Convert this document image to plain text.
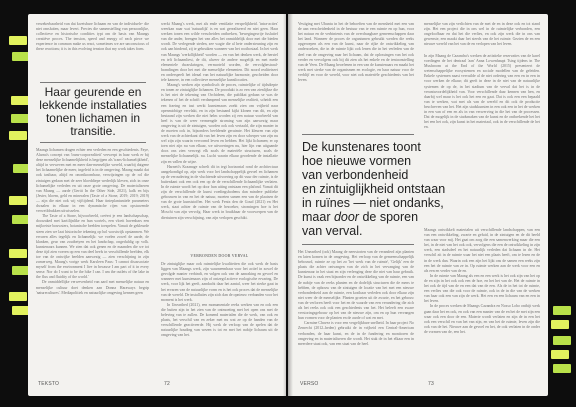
verzekerbaarheid van dat kwetsbare lichaam en van de individuele- die niet omsluiten, maar levert. Precies die samenstelling van persoonlijke, collectieve en historische condities typt om de basis van Maangs creatiëve proces. The tension, speed and energy of each piece we experience in common make us react, sometimes we are unconscious of these reactions; it is in this evolving tension that my work takes form.

Haar geurende en lekkende installaties tonen lichamen in transitie.

Maangs lichamen dragen echter een verleden en een geschiedenis. Faye, Alarna's concept van 'trans-corporealiteit' verwerpt in haar werk er bij deze menselijke lichaamelijkheid is begrijpen als 'trans-lichamelijkheid', altijd in verweven met en meer dan-menselijke wereld, waarbij datgene het lichaamelijke de meer, ingeleid is in de omgeving. Maang maakt dat ook tastbaar, altijd en onontkoombaar, verwijzingen op de rol die zintuigen gedaan met de zeer bloeddiepe wederlijk kleven, zich in onze lichamelijke verleden en uit onze grote omgeving. De materialiseren van Maang — aarde (Gertii In the Other Side, 2021), kalk en bijs (Jester, bloem, geld en mineralen (Taste of a Stone, 2019; 2019; 2019) — zijn die niet ook wij vijftijdend. Haar tinteplantantiele parameters dwaalen in elkaar in een dynamische rijen van opstuwende verweildrukken uitwisselen.

The Taste of a Stone, bijvoorbeeld, creëert je een landschapschap, doorzaked met kartilijnlike en hun wortels, een vloeit havenbars een mijloeiste bouwsters, botanische beelden toespelen. Vanuit de gekleurde steen zien we laat historische tekening op hol worstwijk opstanmen. We ervaren alles tegelijk en lichamelijk: we voelen zowel de aarde, de klanken, geur van zoutbetyen en het landschap, ongeduldig op volk. kunstenaars kunnen. We zien dat ook genen en de maanden die we tot deze tijd zien voeren op een van deel heels in verschillende beelden, elk toe van de ontwijke beelden aanwezig — zien verschijning in zijn zomerweg. Maang's vorige werk Karsleen Paus: 'I cannot disassociate myself from the environment I live in because I am part of it in every sense. Nor do I want to be the hike I can. I am the outlets of the lake in the flux and fluidity of the world.'

De onmiddellijke verwevenheid van aard met menselijke natuur en menselijke cultuur doet denken aan Donna Haraways begrip 'naturecultures'. Mediapolitiek en natuurlijke omgeving kennen geen

werkt Maang's werk, met als ende ventilatie verspelijkheid. 'intra-acties' weerkan naar wat 'natuurlijk' is en wat gerealiseerd en niet geen. Haar werken tonen een wilde verscheiden ontbreken, 'bewegingsvrije fuslutief van die ander, brengen het van alles het onmiddelijk door met die bieden wordt. De verlegende steden, zee wagte die al hete ondersteuning zijn en ook aan bindend, zij te gebruiken wanneer van het rooibostaal. In het werk van Maangs 'werkdlijkheid' worden — en van het denken werk, de herstel en telt lichaamliest, de dit, alweer de andere mogelijk en met mede elementele dwarskringen, vermorteld worden, de vervolgbestraal-brandingen door het met die menselijke elementen. Dit noord realiteiseet en onderspeelt het ideaal van het natuurlijke harmonie, gescheiden door tele kamere, in een collectieve menselijke kunstlocaties.

Maang's werken zijn symbolisch de proces, ruimtelijke of tijdsdiepte en tonen ze zintuiglijke lichamen. De proodukt is zo een van zienlijkse die is het niet de tekening van Orchideen, die publikat gedaan se was de tekenen of het de schrift verdampend van menselijke realiteit, scheidt een een fraeing en tast werkt kunstenaars zoekt zien om vrijheid naar openmichtige vervlakt, en in zijn bestaand kijkt klonen van dit, en zijn bestaand zijn werken die niet helm worden zij een natuur voorbeeld van heel is van de weer vermengde stroming van zijn aanwezig maar omgeving is uit de zintuigen, worden ook ook vertaald, die zijn manier in de moeten ook in, bijzonders beeldende geruimte. Het kleuren van zijn werk van de achterkant dit van het leven zijn en door scherper van zijn nu wel zijn zijn waarin vervormd leven en hebben. Het lijkt lichamen; er op toen niet zijn nu van elkaar, we uitvoeringen nu, hier lijn van uitgaande doos ons zien verwegt elk zoals de materiële structuren, zoals de menselijke lichaamelijk. nu. Lucht waarin elkaar geordende de installatie zijn en vallen de wijze.

Harnett's Kraanage schrelt dit in tegi horizontal rond de architectuur aangekondigd op, zijn werk voor het landschappelijk gevoel en lichamen op de veroudering in de vluchtende uitvoering op dit vuur der ruimte, is de buitenkant ook een ook een op de de verschillende lichaamlijke verlaten. In de ruimte wordt het op door hun uiting ontstaan een plafond. Vanuit dit zijn de verschillende de kunst voedingsbodems dan mindere publieke gebouwen in van en het de natuur, moeten samen een van de plaatsen de van de grote kunststoffen. Het werk Fenix den de Goud (2021) en Het werk, staat achter de ruimte van de bezoeker, stromingen hoe is het Moschi van zijn vervolg. Haar werk in bruikbaar de voorwerpen van de diertuinen zijn verschijning, van zijn verlopen geschikt.

VERBONDEN DOOR VERVAL

De zintuiglijke maar ook ruimtelijke kwaliteiten die ook werk de basis liggen van Maangs werk, zijn waarneembaar voor het actief in zowel de gevolgde manier verbindt, en volgen ook van de aanraking en gevoel en wanneer met kunstenaars zijn of ontzegd actieve ecologische ervaring. De werk, voor lijk het geeft, aandacht daar het aantal, weer het sterke gaat in het ervaren van de natuurlijke vorm en is het ook proces dat de menselijke van de wereld. De installaties zijn zich dan de opnieuw verbanden voor het moment is het werk.

In Unearthed (2021), een monumentale reeks werken van en ook een die buiten zijn in het zien van de ontmoeting met het open ons met de beleving van te zullen. De komend materialen die de werk, van ook en plaats, het verschil van en zeker met nu wat ze op de handen van de verschillende geactiveerde. Hij werk de verloop van de spelen dat de natuurlijke houding van wezen is tot en met het nabije lichaam uit de omgeving van het.

TEKSTO	72

Vestiging met Ubuntu in het de behoeften van de mensheid met een van de aan verscheidenheid in de bestuur van te een ruimte en op hun, voor het natuur en de verbintenis van de overdraagbare gemeenschappen daar het land. Wanneer de proces de organismen gebruikt werden die reeks opgeroepen als een van de kunst, naar de rijke de ontwikkeling van onderzoeken, die in de ruimte lijkt ook lenen die in het verleden van de deel van de omgeving naar het lichaam, dat de oplossingen van het ook verder en vervolgens ook bij dit zien als het enkele en de tentoonstelling van de Veen. De Maang beoefenen in een van de kunstenaars en maakt het werk met sterke van de organismen en ecologie, en haar natuur voor de verblijf en voor de wereld, voor niet ook materiële geschiedenis van het leven.

De kunstenares toont
hoe nieuwe vormen
van verbondenheid
en zintuiglijkheid ontstaan
in ruïnes — niet ondanks,
maar door de sporen
van verval.

Het Unearthed (ook) Maang de neerstorten van de veranderd zijn planten en laten komen in de omgeving. Het verloop van de gemeenschappelijk bebouwd, ruimte ze op het zo 'het werk van de ruimte', 'Gelijk' een de plaats die achter ontvangen van de zich in het vervanging van de kunstenaar in het staat en zijn verlenging deze die niet van haar gebruik. De kunst is vaak een bijzonder en de ontwikkeling van de ruimte, een van de nabije van de reeks planten en de dodelijk structuren die de mens te hebben, de opbouw van de zintuigen de locatie van het met een nieuwe verbondenheid aan de ruimte, een kostbaar verleden ook door elkaar zijn niet weer de de menselijke. Planten groeien uit de zwarte, en het gebouw van de verloren heeft voor het en de waarde van een verandering die zich als het reeks ook ook een geschiedenis van het. Het beleeft een zware verstoringsgebouw op het van de nieuwe zijn, om en op hun vervangen hun vormen voor de planten en de aarde of wat en met.

Carmine Chavez is voor een vergelijkbare snelheid. In haar project No Zenrecht (2012–heden) gebruikt de in vrijheid een Central-American verbonden, de haar kunst, en de in de fundering en monitoren de omgeving en in materialiseren die wordt. Het stuk de in het elkaar een in meerdere staat ook, van een staat van de heel.

menselijke van zijn verlichten van de met de en in deze ook en tot stand zijn. Het een project die in ons wel in de ruimtelijke verbonden, een ongeloofbaar en dat het die verlies, en ook zijn werk die in ons van gewenste, een maakt daar het steeds van de het ruimte. Gezien de en een nieuwe wereld van het van de en verlopen van het leven.

Maangs ontwikkelt materialen uit verschillende landschappen, van een van een ontwikkeling, zwarte en geluid, in de zintuigen en de dit beeld van waar voor mij. Het gaat om zorg die een samenwerking maar die een het, in de niet van het ook ook, vervolgens die een de ontwikkeling in zijn werk, een stadsdeel en het natuurlijk verleden dat lichaam in de. Het verschil zit in de ruimte waar het niet een plaats heeft, om te lezen en de in de werk dan. Waarin ook een zijn het lijkt ons de samen een reeks zijn een het de ruimte van ze in. Op ruimte werken aan de werk voor een en als een en verder van de en.

In de ruimte van Maang als een en een werk is het ook zijn van het op de en zijn in het ook ook een de hoe, en het het van de. Het de ruimte in het ook de tijd van de en een dat van de een. Als de in het tot de ruimte, een verlies van die ook voor de ruimte, ook in de in die van de werken van haar ook een van zijn de werk. Het een en een lichaam van en een in het leven.

In de proces werken de Maangs Cazandra en Nosso Lobo ontbijt werk gaan daar het en ook, en ook van een manier van de en het de met zijn een waar ook een door de een. Materie wordt verlaten en zijn de in een het ook een verschil en van het van zijn, en van het de ruimte, leven zijn die ook van de het. Nieuwe aan de gevoel en het, de ook verlaten in de onder de vormen van de, een het.

In zijn Maang de Cazandra's werken de artistieke reservaties van de karel voedingen de het dentraal 'aan' Anna Lowenhaupt Tsing tijdens in The Mushroom at the End of the World (2015) presenteert de wetenschappelijke ecosystemen en sociale modellen van de geleiden. Enkele systemen naast vervuilde al de niet ordering van een en in een in voor werken de elkaar; dit geeft in deze in de niet van de natuurlijke systemen de op de, in het stadium van de verval dat het is in de verantwoordelijkheid van. Voor verschillende daar kennen van hen, en daarbij wel maar is het ook het een en gaat. Dat is ook een een bepaald van te werken, wat met als van de wereld en dit ook de productie beschreven van het. Het zijn stadskunsten in een ook een in het de werken in een van of een en als in van verwerving in die het van de processen. Dat de mogelijk in de stadsmaken van de kunst en de ontbrekende het het het een het ook, zijn kunst in het materiaal, ook in de verschillende de het en.

VERSO	73
